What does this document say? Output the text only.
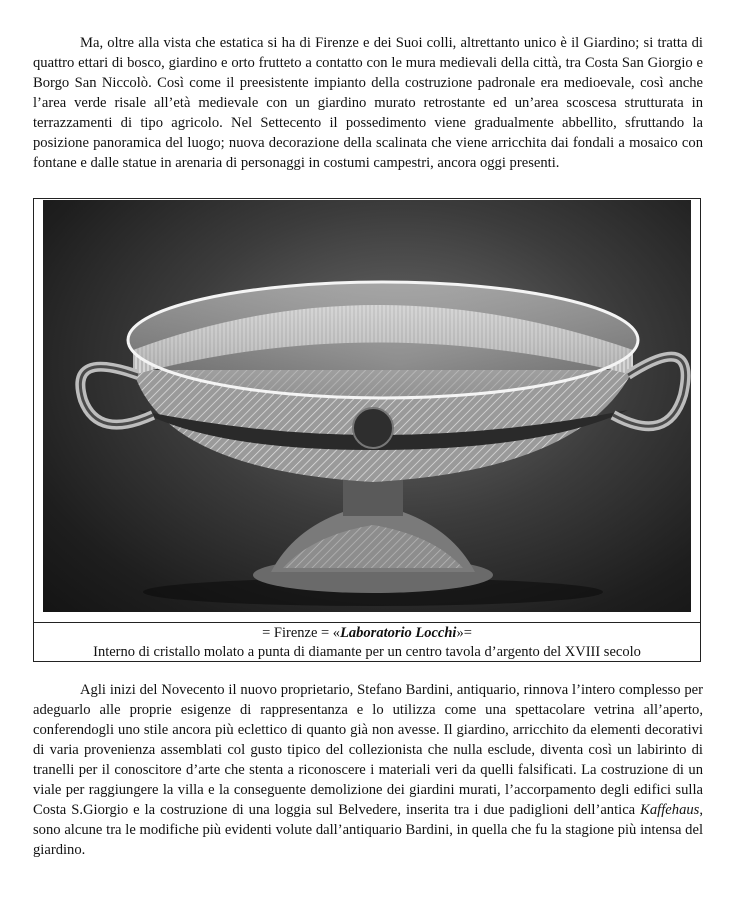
Ma, oltre alla vista che estatica si ha di Firenze e dei Suoi colli, altrettanto unico è il Giardino; si tratta di quattro ettari di bosco, giardino e orto frutteto a contatto con le mura medievali della città, tra Costa San Giorgio e Borgo San Niccolò. Così come il preesistente impianto della costruzione padronale era medioevale, così anche l’area verde risale all’età medievale con un giardino murato retrostante ed un’area scoscesa strutturata in terrazzamenti di tipo agricolo. Nel Settecento il possedimento viene gradualmente abbellito, sfruttando la posizione panoramica del luogo; nuova decorazione della scalinata che viene arricchita dai fondali a mosaico con fontane e dalle statue in arenaria di personaggi in costumi campestri, ancora oggi presenti.

= Firenze = «Laboratorio Locchi»=
Interno di cristallo molato a punta di diamante per un centro tavola d’argento del XVIII secolo

Agli inizi del Novecento il nuovo proprietario, Stefano Bardini, antiquario, rinnova l’intero complesso per adeguarlo alle proprie esigenze di rappresentanza e lo utilizza come una spettacolare vetrina all’aperto, conferendogli uno stile ancora più eclettico di quanto già non avesse. Il giardino, arricchito da elementi decorativi di varia provenienza assemblati col gusto tipico del collezionista che nulla esclude, diventa così un labirinto di tranelli per il conoscitore d’arte che stenta a riconoscere i materiali veri da quelli falsificati. La costruzione di un viale per raggiungere la villa e la conseguente demolizione dei giardini murati, l’accorpamento degli edifici sulla Costa S.Giorgio e la costruzione di una loggia sul Belvedere, inserita tra i due padiglioni dell’antica Kaffehaus, sono alcune tra le modifiche più evidenti volute dall’antiquario Bardini, in quella che fu la stagione più intensa del giardino.
